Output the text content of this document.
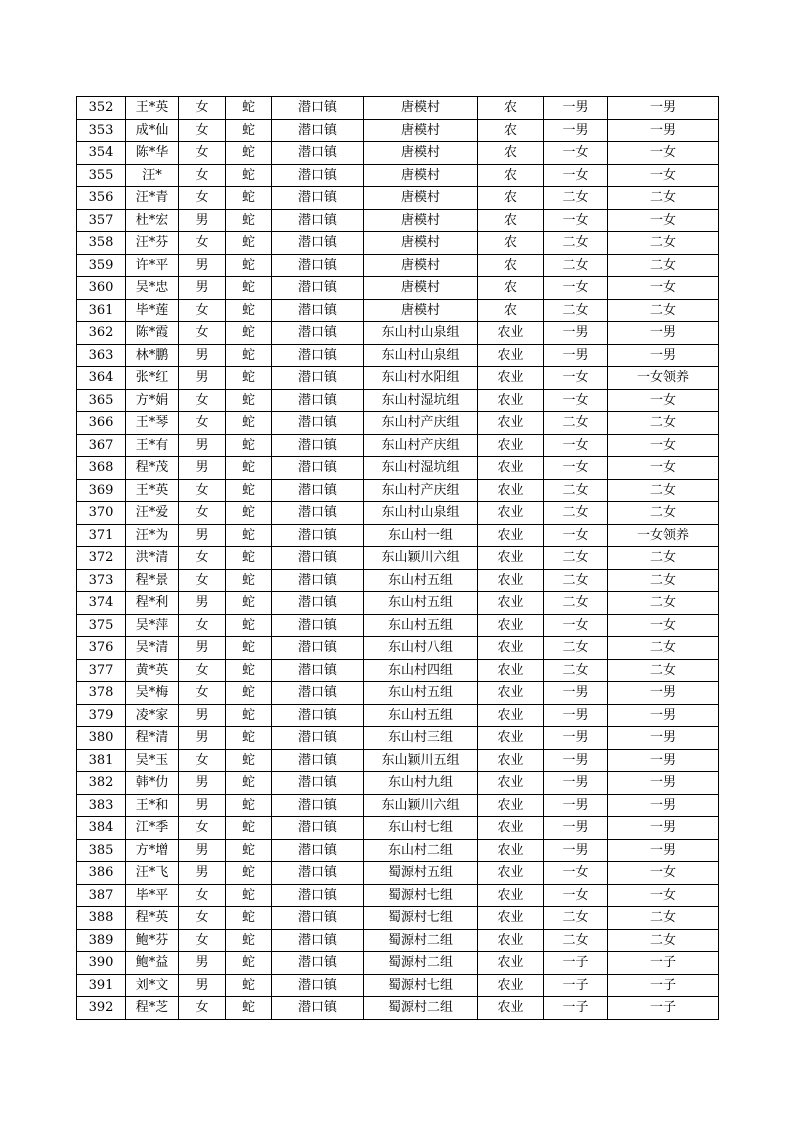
352	王*英	女	蛇	潜口镇	唐模村	农	一男	一男
353	成*仙	女	蛇	潜口镇	唐模村	农	一男	一男
354	陈*华	女	蛇	潜口镇	唐模村	农	一女	一女
355	汪*	女	蛇	潜口镇	唐模村	农	一女	一女
356	汪*青	女	蛇	潜口镇	唐模村	农	二女	二女
357	杜*宏	男	蛇	潜口镇	唐模村	农	一女	一女
358	汪*芬	女	蛇	潜口镇	唐模村	农	二女	二女
359	许*平	男	蛇	潜口镇	唐模村	农	二女	二女
360	吴*忠	男	蛇	潜口镇	唐模村	农	一女	一女
361	毕*莲	女	蛇	潜口镇	唐模村	农	二女	二女
362	陈*霞	女	蛇	潜口镇	东山村山泉组	农业	一男	一男
363	林*鹏	男	蛇	潜口镇	东山村山泉组	农业	一男	一男
364	张*红	男	蛇	潜口镇	东山村水阳组	农业	一女	一女领养
365	方*娟	女	蛇	潜口镇	东山村湿坑组	农业	一女	一女
366	王*琴	女	蛇	潜口镇	东山村产庆组	农业	二女	二女
367	王*有	男	蛇	潜口镇	东山村产庆组	农业	一女	一女
368	程*茂	男	蛇	潜口镇	东山村湿坑组	农业	一女	一女
369	王*英	女	蛇	潜口镇	东山村产庆组	农业	二女	二女
370	汪*爱	女	蛇	潜口镇	东山村山泉组	农业	二女	二女
371	汪*为	男	蛇	潜口镇	东山村一组	农业	一女	一女领养
372	洪*清	女	蛇	潜口镇	东山颖川六组	农业	二女	二女
373	程*景	女	蛇	潜口镇	东山村五组	农业	二女	二女
374	程*利	男	蛇	潜口镇	东山村五组	农业	二女	二女
375	吴*萍	女	蛇	潜口镇	东山村五组	农业	一女	一女
376	吴*清	男	蛇	潜口镇	东山村八组	农业	二女	二女
377	黄*英	女	蛇	潜口镇	东山村四组	农业	二女	二女
378	吴*梅	女	蛇	潜口镇	东山村五组	农业	一男	一男
379	凌*家	男	蛇	潜口镇	东山村五组	农业	一男	一男
380	程*清	男	蛇	潜口镇	东山村三组	农业	一男	一男
381	吴*玉	女	蛇	潜口镇	东山颖川五组	农业	一男	一男
382	韩*仂	男	蛇	潜口镇	东山村九组	农业	一男	一男
383	王*和	男	蛇	潜口镇	东山颖川六组	农业	一男	一男
384	江*季	女	蛇	潜口镇	东山村七组	农业	一男	一男
385	方*增	男	蛇	潜口镇	东山村二组	农业	一男	一男
386	汪*飞	男	蛇	潜口镇	蜀源村五组	农业	一女	一女
387	毕*平	女	蛇	潜口镇	蜀源村七组	农业	一女	一女
388	程*英	女	蛇	潜口镇	蜀源村七组	农业	二女	二女
389	鲍*芬	女	蛇	潜口镇	蜀源村二组	农业	二女	二女
390	鲍*益	男	蛇	潜口镇	蜀源村二组	农业	一子	一子
391	刘*文	男	蛇	潜口镇	蜀源村七组	农业	一子	一子
392	程*芝	女	蛇	潜口镇	蜀源村二组	农业	一子	一子
